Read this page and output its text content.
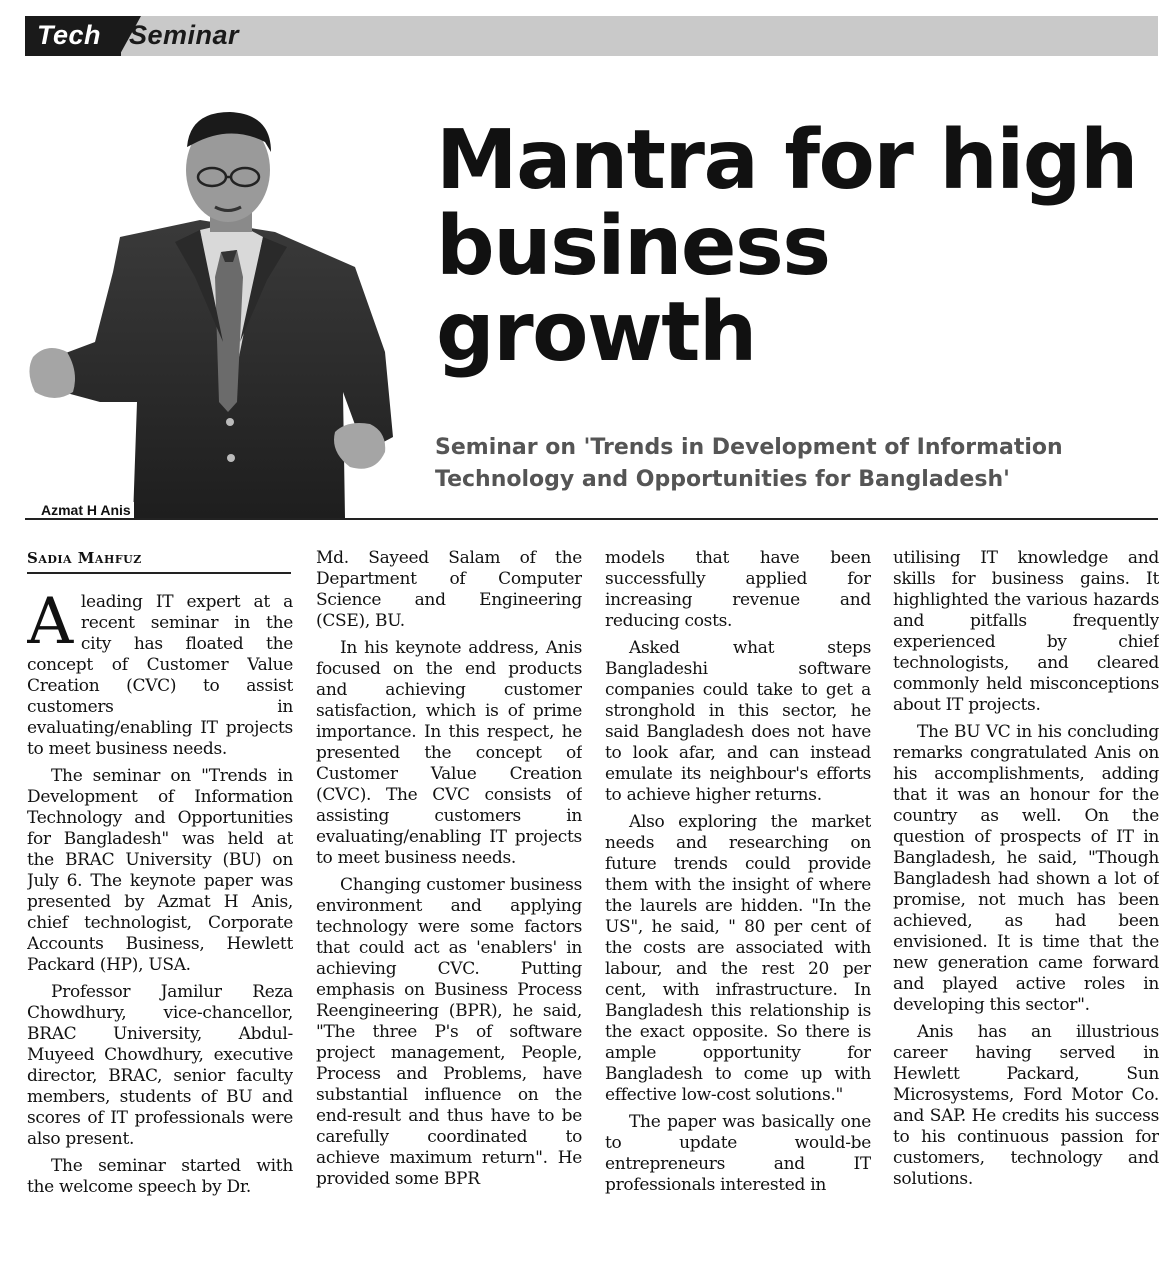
Tech Seminar
Azmat H Anis
Mantra for high business growth

Seminar on 'Trends in Development of Information Technology and Opportunities for Bangladesh'

Sadia Mahfuz

Aleading IT expert at a recent seminar in the city has floated the concept of Customer Value Creation (CVC) to assist customers in evaluating/enabling IT projects to meet business needs.

The seminar on "Trends in Development of Information Technology and Opportunities for Bangladesh" was held at the BRAC University (BU) on July 6. The keynote paper was presented by Azmat H Anis, chief technologist, Corporate Accounts Business, Hewlett Packard (HP), USA.

Professor Jamilur Reza Chowdhury, vice-chancellor, BRAC University, Abdul-Muyeed Chowdhury, executive director, BRAC, senior faculty members, students of BU and scores of IT professionals were also present.

The seminar started with the welcome speech by Dr.

Md. Sayeed Salam of the Department of Computer Science and Engineering (CSE), BU.

In his keynote address, Anis focused on the end products and achieving customer satisfaction, which is of prime importance. In this respect, he presented the concept of Customer Value Creation (CVC). The CVC consists of assisting customers in evaluating/enabling IT projects to meet business needs.

Changing customer business environment and applying technology were some factors that could act as 'enablers' in achieving CVC. Putting emphasis on Business Process Reengineering (BPR), he said, "The three P's of software project management, People, Process and Problems, have substantial influence on the end-result and thus have to be carefully coordinated to achieve maximum return". He provided some BPR

models that have been successfully applied for increasing revenue and reducing costs.

Asked what steps Bangladeshi software companies could take to get a stronghold in this sector, he said Bangladesh does not have to look afar, and can instead emulate its neighbour's efforts to achieve higher returns.

Also exploring the market needs and researching on future trends could provide them with the insight of where the laurels are hidden. "In the US", he said, " 80 per cent of the costs are associated with labour, and the rest 20 per cent, with infrastructure. In Bangladesh this relationship is the exact opposite. So there is ample opportunity for Bangladesh to come up with effective low-cost solutions."

The paper was basically one to update would-be entrepreneurs and IT professionals interested in

utilising IT knowledge and skills for business gains. It highlighted the various hazards and pitfalls frequently experienced by chief technologists, and cleared commonly held misconceptions about IT projects.

The BU VC in his concluding remarks congratulated Anis on his accomplishments, adding that it was an honour for the country as well. On the question of prospects of IT in Bangladesh, he said, "Though Bangladesh had shown a lot of promise, not much has been achieved, as had been envisioned. It is time that the new generation came forward and played active roles in developing this sector".

Anis has an illustrious career having served in Hewlett Packard, Sun Microsystems, Ford Motor Co. and SAP. He credits his success to his continuous passion for customers, technology and solutions.
